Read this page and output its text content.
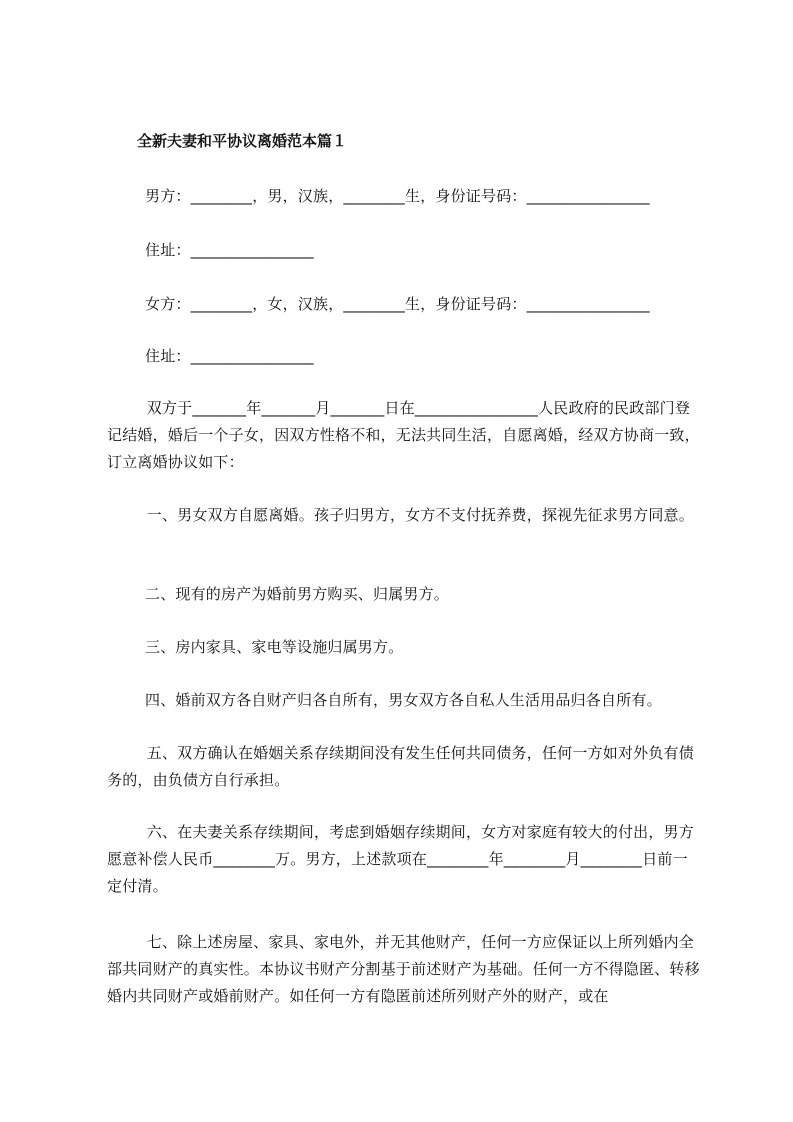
全新夫妻和平协议离婚范本篇１
男方：________，男，汉族，________生，身份证号码：________________
住址：________________
女方：________，女，汉族，________生，身份证号码：________________
住址：________________
双方于_______年_______月_______日在________________人民政府的民政部门登记结婚，婚后一个子女，因双方性格不和，无法共同生活，自愿离婚，经双方协商一致，订立离婚协议如下：
一、男女双方自愿离婚。孩子归男方，女方不支付抚养费，探视先征求男方同意。
二、现有的房产为婚前男方购买、归属男方。
三、房内家具、家电等设施归属男方。
四、婚前双方各自财产归各自所有，男女双方各自私人生活用品归各自所有。
五、双方确认在婚姻关系存续期间没有发生任何共同债务，任何一方如对外负有债务的，由负债方自行承担。
六、在夫妻关系存续期间，考虑到婚姻存续期间，女方对家庭有较大的付出，男方愿意补偿人民币________万。男方，上述款项在________年________月________日前一定付清。
七、除上述房屋、家具、家电外，并无其他财产，任何一方应保证以上所列婚内全部共同财产的真实性。本协议书财产分割基于前述财产为基础。任何一方不得隐匿、转移婚内共同财产或婚前财产。如任何一方有隐匿前述所列财产外的财产，或在
